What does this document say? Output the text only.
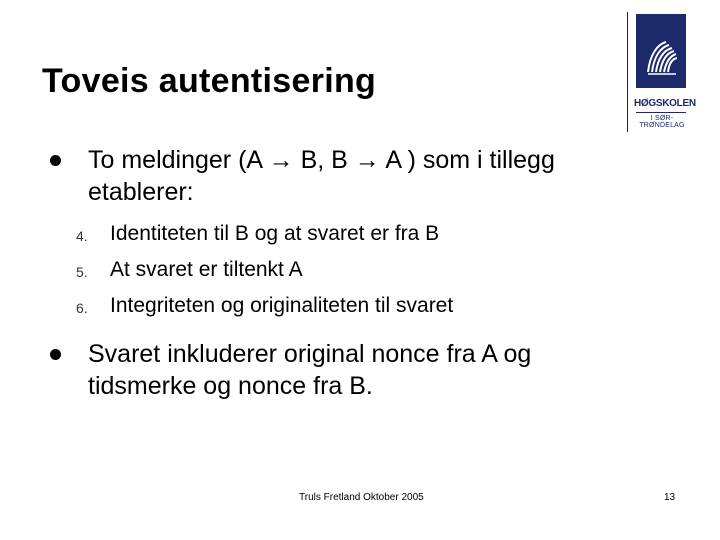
Toveis autentisering
HØGSKOLEN
I SØR-TRØNDELAG
To meldinger (A → B, B → A ) som i tillegg
etablerer:
4. Identiteten til B og at svaret er fra B
5. At svaret er tiltenkt A
6. Integriteten og originaliteten til svaret
Svaret inkluderer original nonce fra A og
tidsmerke og nonce fra B.
Truls Fretland Oktober 2005	13
